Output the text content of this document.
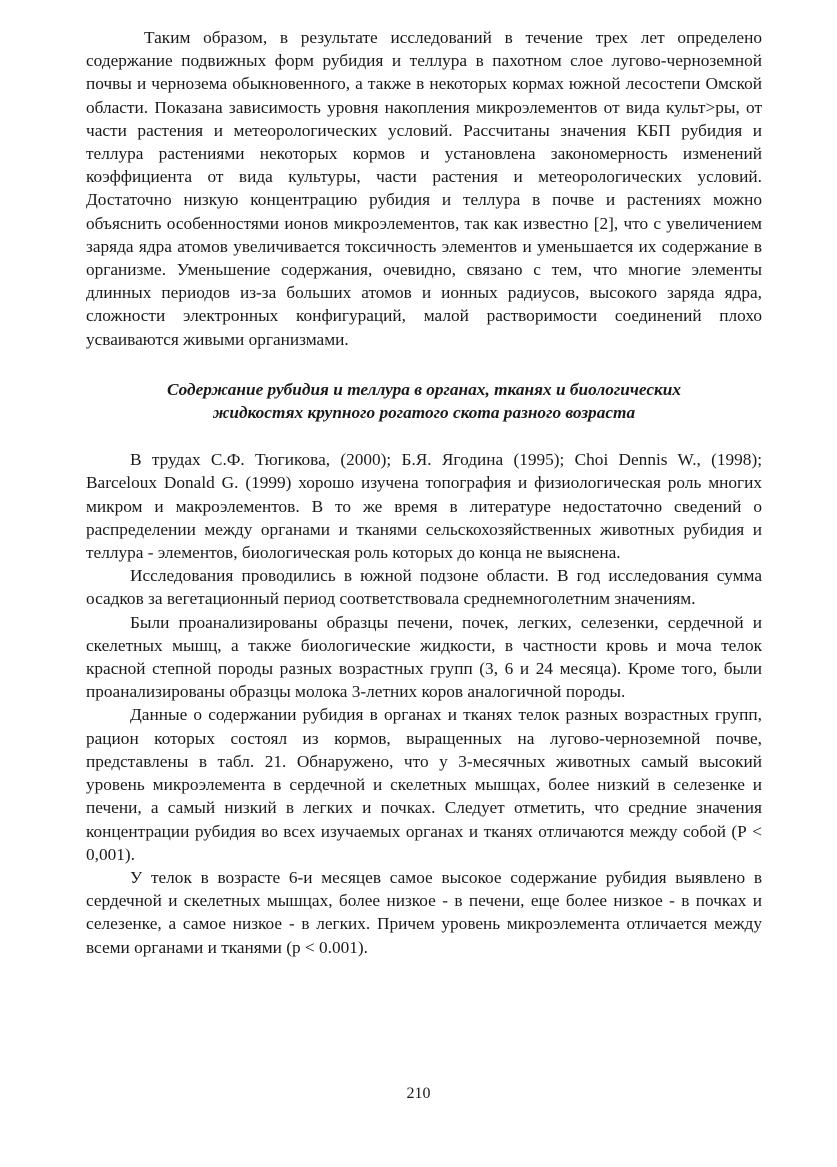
Таким образом, в результате исследований в течение трех лет определено содержание подвижных форм рубидия и теллура в пахотном слое лугово-черноземной почвы и чернозема обыкновенного, а также в некоторых кормах южной лесостепи Омской области. Показана зависимость уровня накопления микроэлементов от вида культ>ры, от части растения и метеорологических условий. Рассчитаны значения КБП рубидия и теллура растениями некоторых кормов и установлена закономерность изменений коэффициента от вида культуры, части растения и метеорологических условий. Достаточно низкую концентрацию рубидия и теллура в почве и растениях можно объяснить особенностями ионов микроэлементов, так как известно [2], что с увеличением заряда ядра атомов увеличивается токсичность элементов и уменьшается их содержание в организме. Уменьшение содержания, очевидно, связано с тем, что многие элементы длинных периодов из-за больших атомов и ионных радиусов, высокого заряда ядра, сложности электронных конфигураций, малой растворимости соединений плохо усваиваются живыми организмами.

Содержание рубидия и теллура в органах, тканях и биологических
жидкостях крупного рогатого скота разного возраста

В трудах С.Ф. Тюгикова, (2000); Б.Я. Ягодина (1995); Choi Dennis W., (1998); Barceloux Donald G. (1999) хорошо изучена топография и физиологическая роль многих микром и макроэлементов. В то же время в литературе недостаточно сведений о распределении между органами и тканями сельскохозяйственных животных рубидия и теллура - элементов, биологическая роль которых до конца не выяснена.

Исследования проводились в южной подзоне области. В год исследования сумма осадков за вегетационный период соответствовала среднемноголетним значениям.

Были проанализированы образцы печени, почек, легких, селезенки, сердечной и скелетных мышц, а также биологические жидкости, в частности кровь и моча телок красной степной породы разных возрастных групп (3, 6 и 24 месяца). Кроме того, были проанализированы образцы молока 3-летних коров аналогичной породы.

Данные о содержании рубидия в органах и тканях телок разных возрастных групп, рацион которых состоял из кормов, выращенных на лугово-черноземной почве, представлены в табл. 21. Обнаружено, что у 3-месячных животных самый высокий уровень микроэлемента в сердечной и скелетных мышцах, более низкий в селезенке и печени, а самый низкий в легких и почках. Следует отметить, что средние значения концентрации рубидия во всех изучаемых органах и тканях отличаются между собой (Р < 0,001).

У телок в возрасте 6-и месяцев самое высокое содержание рубидия выявлено в сердечной и скелетных мышцах, более низкое - в печени, еще более низкое - в почках и селезенке, а самое низкое - в легких. Причем уровень микроэлемента отличается между всеми органами и тканями (р < 0.001).

210
